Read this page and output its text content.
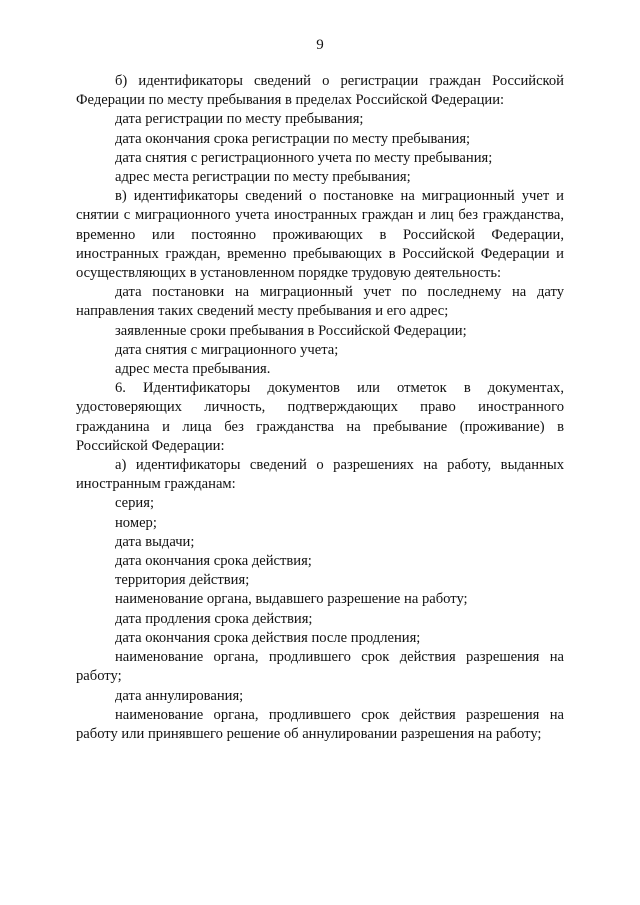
9

б) идентификаторы сведений о регистрации граждан Российской Федерации по месту пребывания в пределах Российской Федерации:

дата регистрации по месту пребывания;

дата окончания срока регистрации по месту пребывания;

дата снятия с регистрационного учета по месту пребывания;

адрес места регистрации по месту пребывания;

в) идентификаторы сведений о постановке на миграционный учет и снятии с миграционного учета иностранных граждан и лиц без гражданства, временно или постоянно проживающих в Российской Федерации, иностранных граждан, временно пребывающих в Российской Федерации и осуществляющих в установленном порядке трудовую деятельность:

дата постановки на миграционный учет по последнему на дату направления таких сведений месту пребывания и его адрес;

заявленные сроки пребывания в Российской Федерации;

дата снятия с миграционного учета;

адрес места пребывания.

6. Идентификаторы документов или отметок в документах, удостоверяющих личность, подтверждающих право иностранного гражданина и лица без гражданства на пребывание (проживание) в Российской Федерации:

а) идентификаторы сведений о разрешениях на работу, выданных иностранным гражданам:

серия;

номер;

дата выдачи;

дата окончания срока действия;

территория действия;

наименование органа, выдавшего разрешение на работу;

дата продления срока действия;

дата окончания срока действия после продления;

наименование органа, продлившего срок действия разрешения на работу;

дата аннулирования;

наименование органа, продлившего срок действия разрешения на работу или принявшего решение об аннулировании разрешения на работу;
